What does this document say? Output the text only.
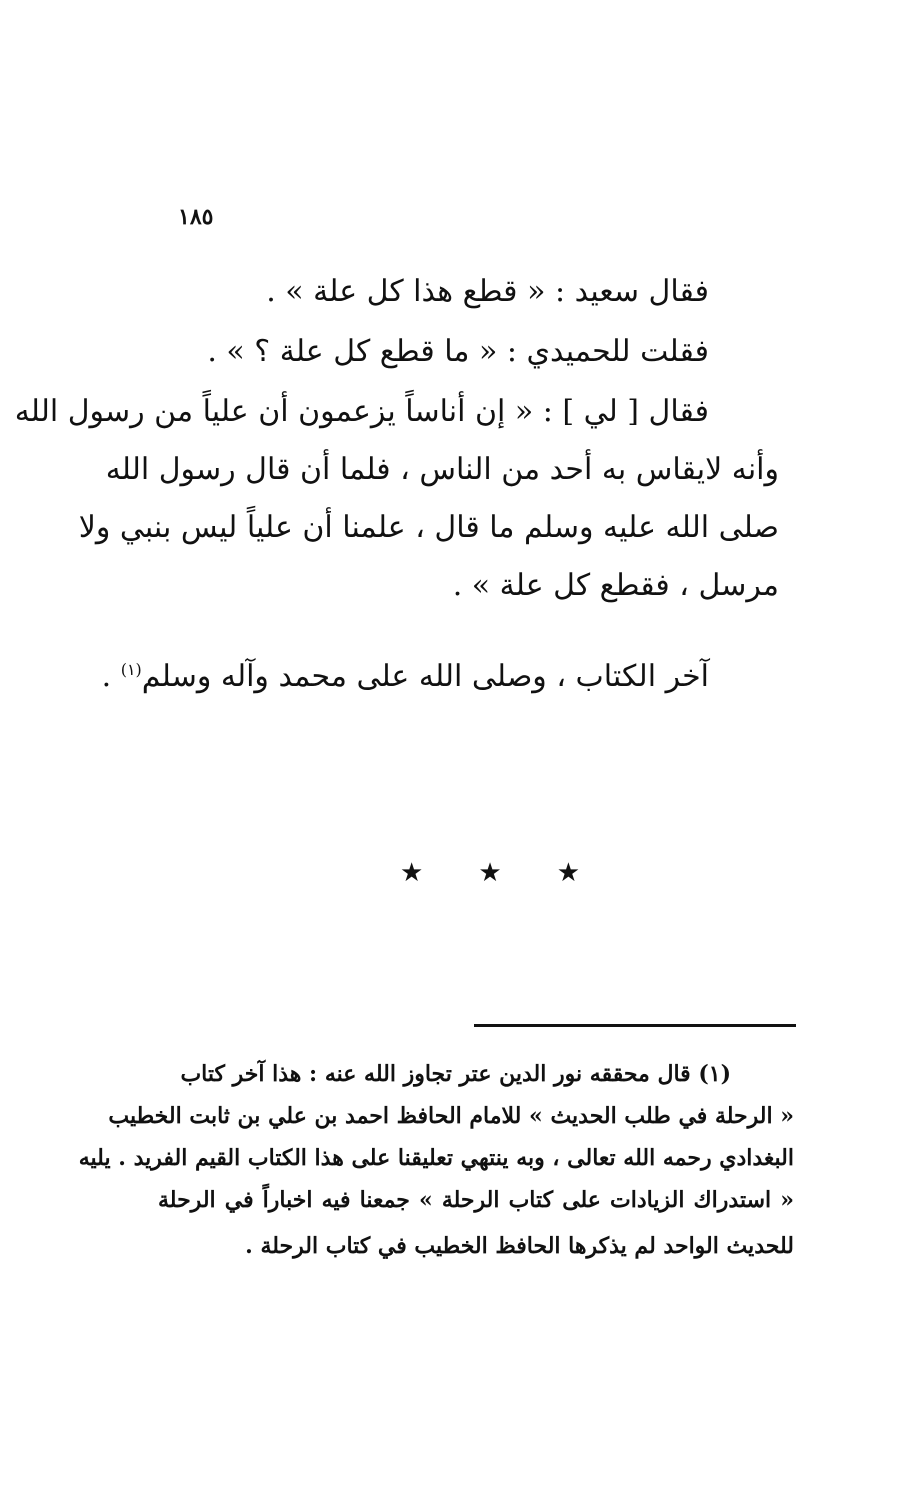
١٨٥
فقال سعيد : « قطع هذا كل علة » .
فقلت للحميدي : « ما قطع كل علة ؟ » .
فقال [ لي ] : « إن أناساً يزعمون أن علياً من رسول الله
وأنه لايقاس به أحد من الناس ، فلما أن قال رسول الله
صلى الله عليه وسلم ما قال ، علمنا أن علياً ليس بنبي ولا
مرسل ، فقطع كل علة » .
آخر الكتاب ، وصلى الله على محمد وآله وسلم$^{(١)}$ .
★ ★ ★
(١) قال محققه نور الدين عتر تجاوز الله عنه : هذا آخر كتاب
« الرحلة في طلب الحديث » للامام الحافظ احمد بن علي بن ثابت الخطيب
البغدادي رحمه الله تعالى ، وبه ينتهي تعليقنا على هذا الكتاب القيم الفريد . يليه
« استدراك الزيادات على كتاب الرحلة » جمعنا فيه اخباراً في الرحلة
للحديث الواحد لم يذكرها الحافظ الخطيب في كتاب الرحلة .
